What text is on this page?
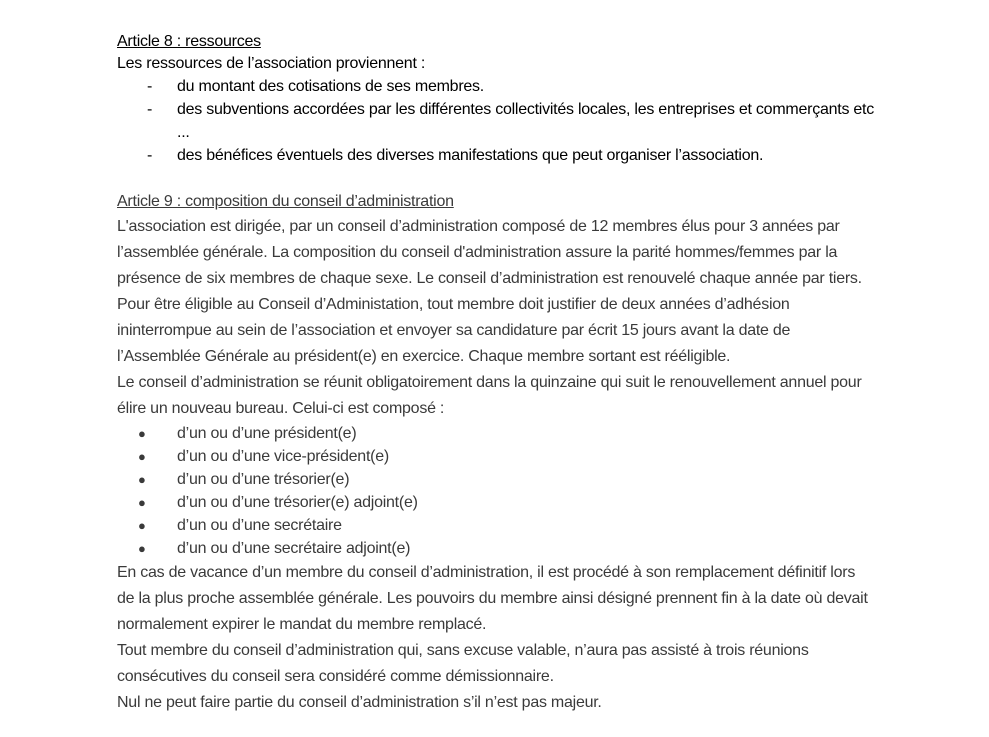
Article 8 : ressources

Les ressources de l’association proviennent :

- du montant des cotisations de ses membres.
- des subventions accordées par les différentes collectivités locales, les entreprises et commerçants etc ...
- des bénéfices éventuels des diverses manifestations que peut organiser l’association.
Article 9 : composition du conseil d’administration

L'association est dirigée, par un conseil d’administration composé de 12 membres élus pour 3 années par l’assemblée générale. La composition du conseil d'administration assure la parité hommes/femmes par la présence de six membres de chaque sexe. Le conseil d’administration est renouvelé chaque année par tiers. Pour être éligible au Conseil d’Administation, tout membre doit justifier de deux années d’adhésion ininterrompue au sein de l’association et envoyer sa candidature par écrit 15 jours avant la date de l’Assemblée Générale au président(e) en exercice. Chaque membre sortant est rééligible.

Le conseil d’administration se réunit obligatoirement dans la quinzaine qui suit le renouvellement annuel pour élire un nouveau bureau. Celui-ci est composé :

● d’un ou d’une président(e)
● d’un ou d’une vice-président(e)
● d’un ou d’une trésorier(e)
● d’un ou d’une trésorier(e) adjoint(e)
● d’un ou d’une secrétaire
● d’un ou d’une secrétaire adjoint(e)

En cas de vacance d’un membre du conseil d’administration, il est procédé à son remplacement définitif lors de la plus proche assemblée générale. Les pouvoirs du membre ainsi désigné prennent fin à la date où devait normalement expirer le mandat du membre remplacé.

Tout membre du conseil d’administration qui, sans excuse valable, n’aura pas assisté à trois réunions consécutives du conseil sera considéré comme démissionnaire.

Nul ne peut faire partie du conseil d’administration s’il n’est pas majeur.
